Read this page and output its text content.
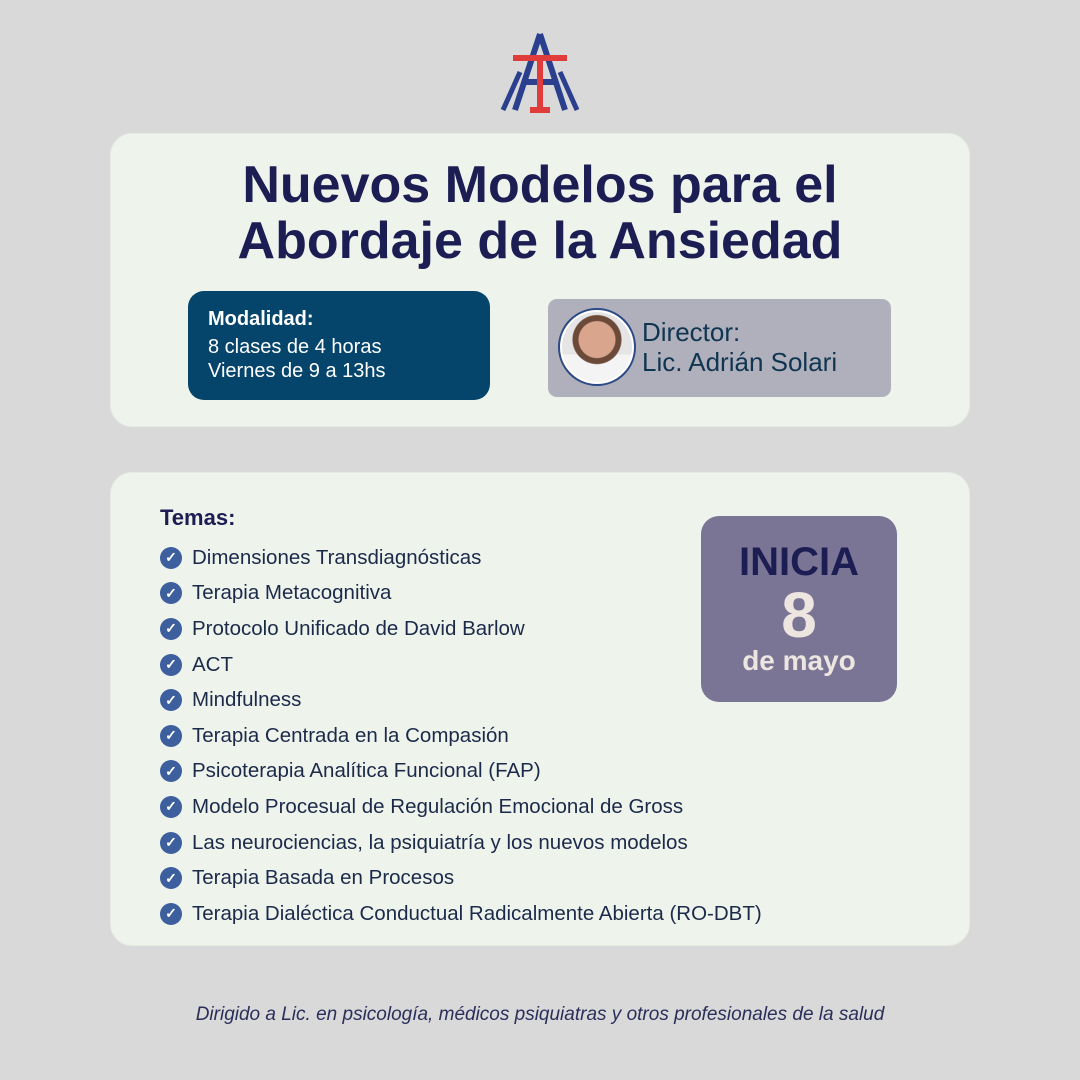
Nuevos Modelos para el
Abordaje de la Ansiedad
Modalidad:
8 clases de 4 horas
Viernes de 9 a 13hs
Director:
Lic. Adrián Solari
Temas:
✓ Dimensiones Transdiagnósticas
✓ Terapia Metacognitiva
✓ Protocolo Unificado de David Barlow
✓ ACT
✓ Mindfulness
✓ Terapia Centrada en la Compasión
✓ Psicoterapia Analítica Funcional (FAP)
✓ Modelo Procesual de Regulación Emocional de Gross
✓ Las neurociencias, la psiquiatría y los nuevos modelos
✓ Terapia Basada en Procesos
✓ Terapia Dialéctica Conductual Radicalmente Abierta (RO-DBT)
INICIA
8
de mayo
Dirigido a Lic. en psicología, médicos psiquiatras y otros profesionales de la salud
